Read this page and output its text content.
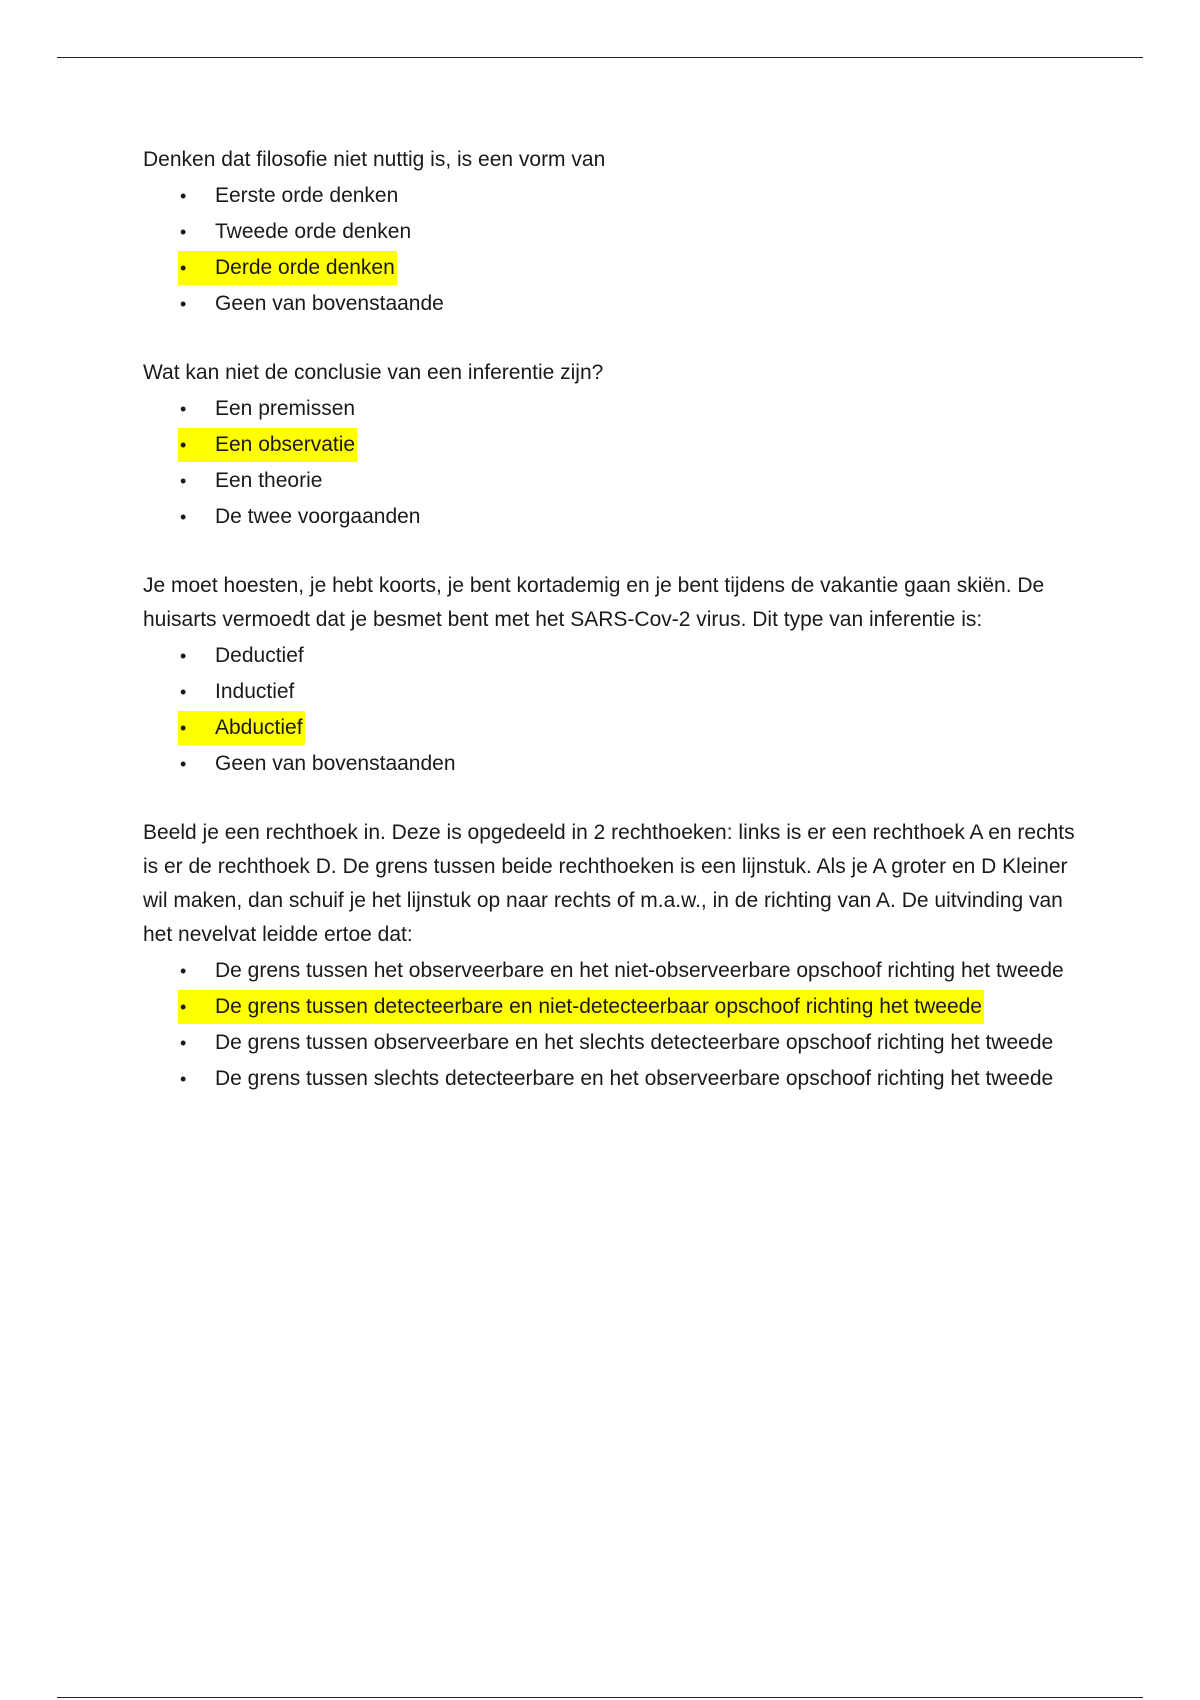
Denken dat filosofie niet nuttig is, is een vorm van

• Eerste orde denken
• Tweede orde denken
• Derde orde denken
• Geen van bovenstaande

Wat kan niet de conclusie van een inferentie zijn?

• Een premissen
• Een observatie
• Een theorie
• De twee voorgaanden

Je moet hoesten, je hebt koorts, je bent kortademig en je bent tijdens de vakantie gaan skiën. De huisarts vermoedt dat je besmet bent met het SARS-Cov-2 virus. Dit type van inferentie is:

• Deductief
• Inductief
• Abductief
• Geen van bovenstaanden

Beeld je een rechthoek in. Deze is opgedeeld in 2 rechthoeken: links is er een rechthoek A en rechts is er de rechthoek D. De grens tussen beide rechthoeken is een lijnstuk. Als je A groter en D Kleiner wil maken, dan schuif je het lijnstuk op naar rechts of m.a.w., in de richting van A. De uitvinding van het nevelvat leidde ertoe dat:

• De grens tussen het observeerbare en het niet-observeerbare opschoof richting het tweede
• De grens tussen detecteerbare en niet-detecteerbaar opschoof richting het tweede
• De grens tussen observeerbare en het slechts detecteerbare opschoof richting het tweede
• De grens tussen slechts detecteerbare en het observeerbare opschoof richting het tweede
